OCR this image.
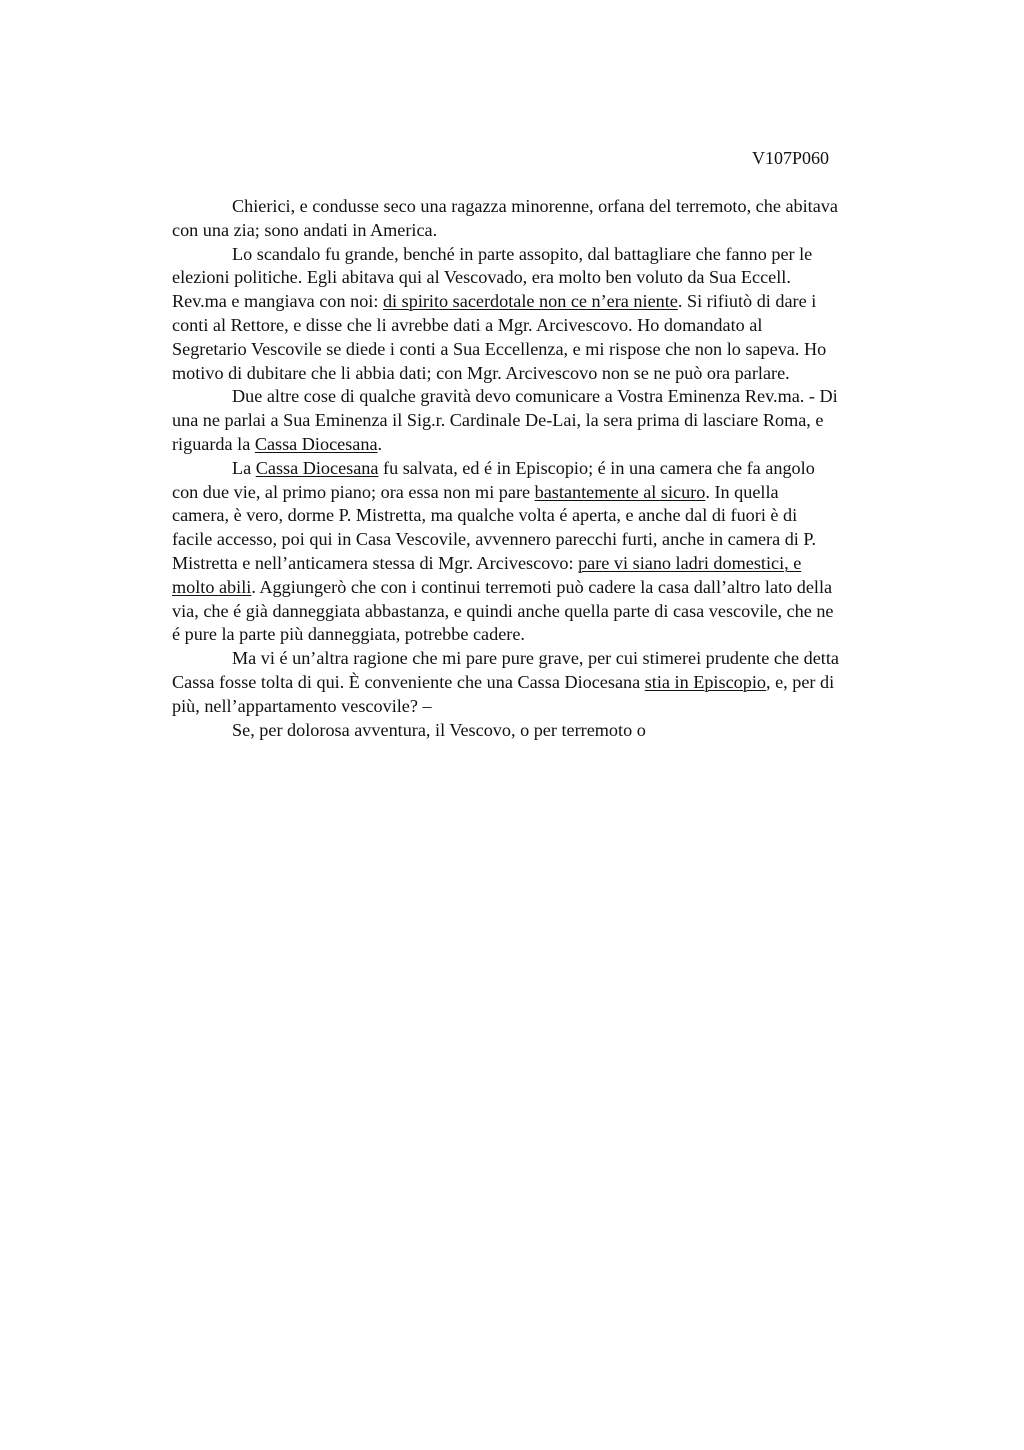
V107P060

Chierici, e condusse seco una ragazza minorenne, orfana del terremoto, che abitava
con una zia; sono andati in America.
Lo scandalo fu grande, benché in parte assopito, dal battagliare che fanno per le
elezioni politiche. Egli abitava qui al Vescovado, era molto ben voluto da Sua Eccell.
Rev.ma e mangiava con noi: di spirito sacerdotale non ce n’era niente. Si rifiutò di dare i
conti al Rettore, e disse che li avrebbe dati a Mgr. Arcivescovo. Ho domandato al
Segretario Vescovile se diede i conti a Sua Eccellenza, e mi rispose che non lo sapeva. Ho
motivo di dubitare che li abbia dati; con Mgr. Arcivescovo non se ne può ora parlare.
Due altre cose di qualche gravità devo comunicare a Vostra Eminenza Rev.ma. - Di
una ne parlai a Sua Eminenza il Sig.r. Cardinale De-Lai, la sera prima di lasciare Roma, e
riguarda la Cassa Diocesana.
La Cassa Diocesana fu salvata, ed é in Episcopio; é in una camera che fa angolo
con due vie, al primo piano; ora essa non mi pare bastantemente al sicuro. In quella
camera, è vero, dorme P. Mistretta, ma qualche volta é aperta, e anche dal di fuori è di
facile accesso, poi qui in Casa Vescovile, avvennero parecchi furti, anche in camera di P.
Mistretta e nell’anticamera stessa di Mgr. Arcivescovo: pare vi siano ladri domestici, e
molto abili. Aggiungerò che con i continui terremoti può cadere la casa dall’altro lato della
via, che é già danneggiata abbastanza, e quindi anche quella parte di casa vescovile, che ne
é pure la parte più danneggiata, potrebbe cadere.
Ma vi é un’altra ragione che mi pare pure grave, per cui stimerei prudente che detta
Cassa fosse tolta di qui. È conveniente che una Cassa Diocesana stia in Episcopio, e, per di
più, nell’appartamento vescovile? –
Se, per dolorosa avventura, il Vescovo, o per terremoto o
